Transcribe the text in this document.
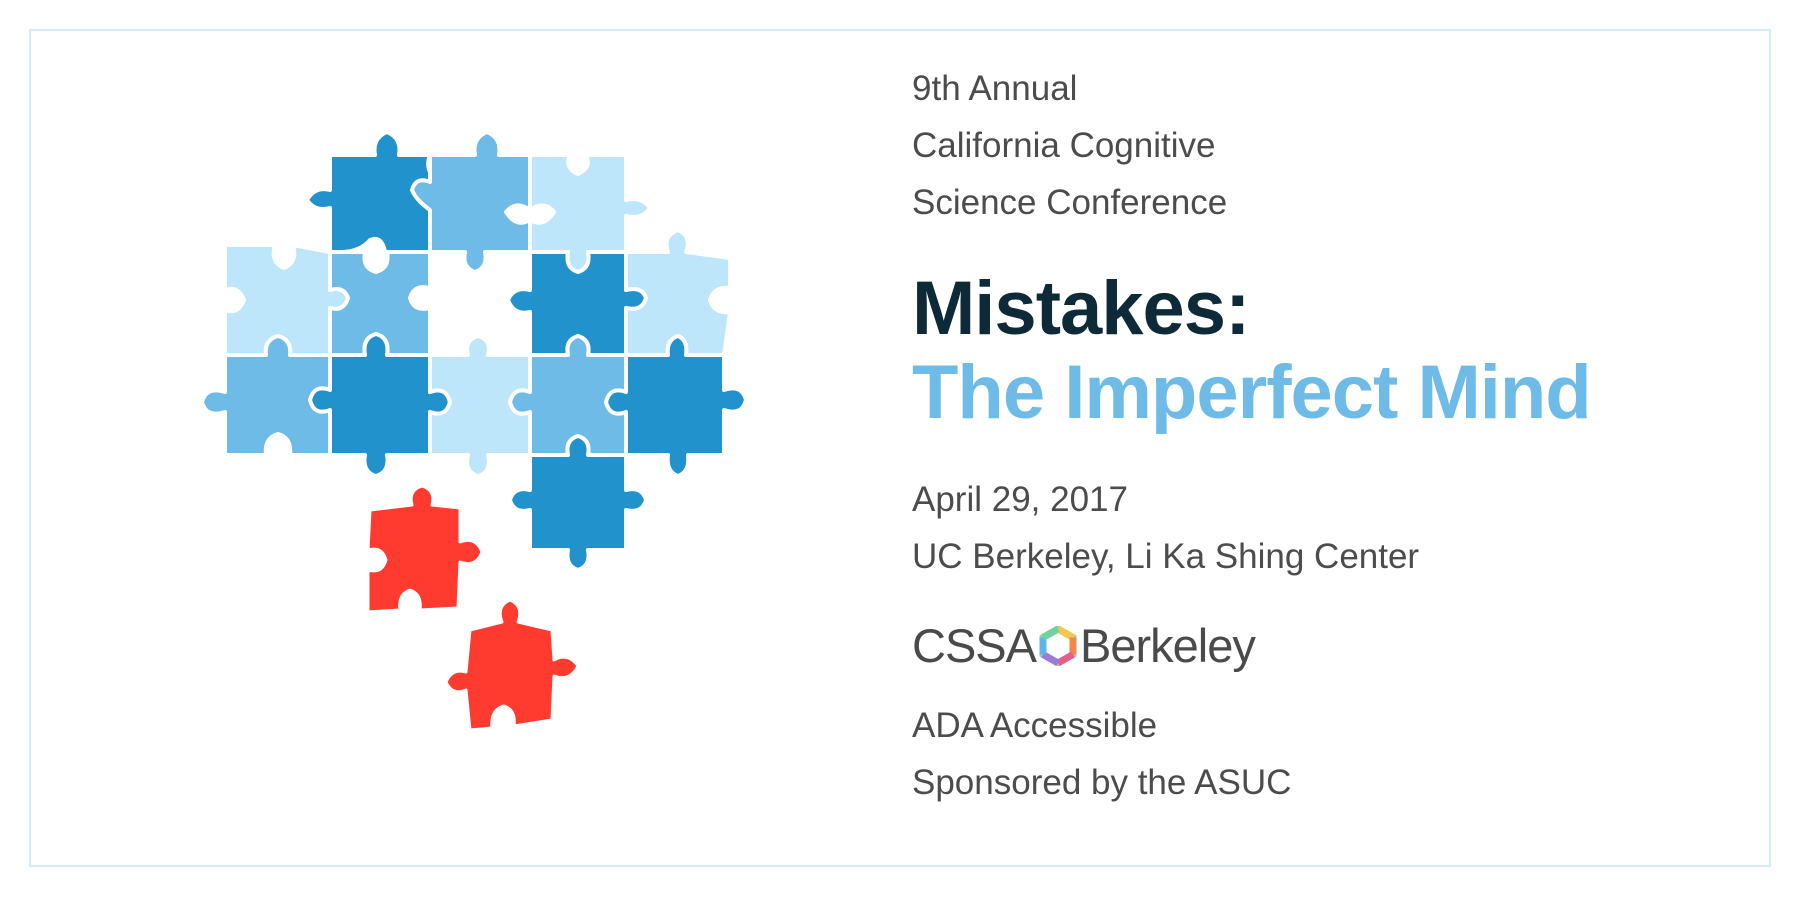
9th Annual
California Cognitive
Science Conference
Mistakes:
The Imperfect Mind
April 29, 2017
UC Berkeley, Li Ka Shing Center
CSSA Berkeley
ADA Accessible
Sponsored by the ASUC
